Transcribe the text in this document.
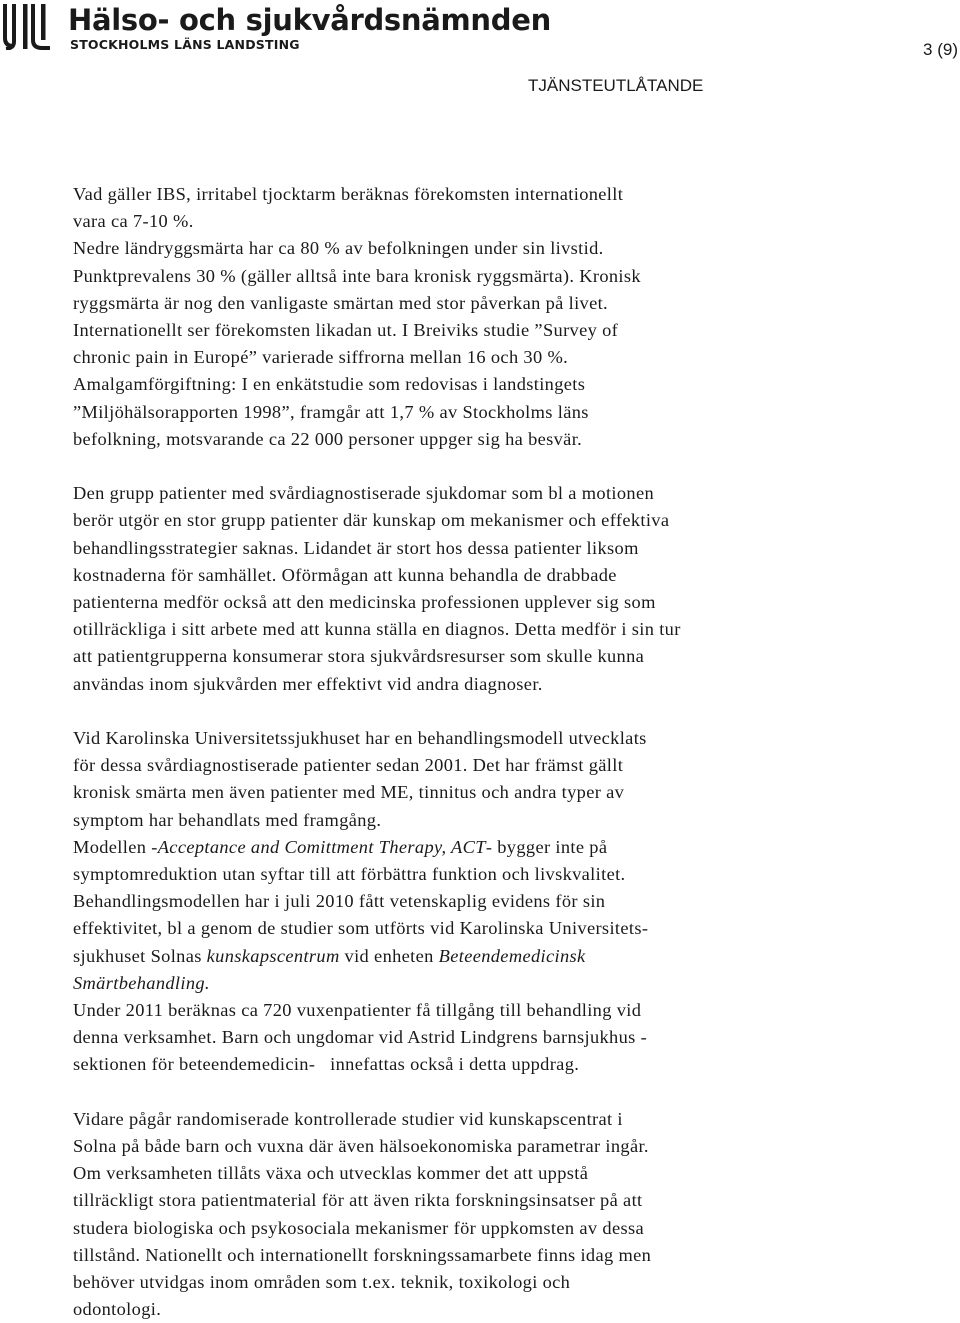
Hälso- och sjukvårdsnämnden
STOCKHOLMS LÄNS LANDSTING	3 (9)
TJÄNSTEUTLÅTANDE
Vad gäller IBS, irritabel tjocktarm beräknas förekomsten internationellt
vara ca 7-10 %.
Nedre ländryggsmärta har ca 80 % av befolkningen under sin livstid.
Punktprevalens 30 % (gäller alltså inte bara kronisk ryggsmärta). Kronisk
ryggsmärta är nog den vanligaste smärtan med stor påverkan på livet.
Internationellt ser förekomsten likadan ut. I Breiviks studie ”Survey of
chronic pain in Europé” varierade siffrorna mellan 16 och 30 %.
Amalgamförgiftning: I en enkätstudie som redovisas i landstingets
”Miljöhälsorapporten 1998”, framgår att 1,7 % av Stockholms läns
befolkning, motsvarande ca 22 000 personer uppger sig ha besvär.
Den grupp patienter med svårdiagnostiserade sjukdomar som bl a motionen
berör utgör en stor grupp patienter där kunskap om mekanismer och effektiva
behandlingsstrategier saknas. Lidandet är stort hos dessa patienter liksom
kostnaderna för samhället. Oförmågan att kunna behandla de drabbade
patienterna medför också att den medicinska professionen upplever sig som
otillräckliga i sitt arbete med att kunna ställa en diagnos. Detta medför i sin tur
att patientgrupperna konsumerar stora sjukvårdsresurser som skulle kunna
användas inom sjukvården mer effektivt vid andra diagnoser.
Vid Karolinska Universitetssjukhuset har en behandlingsmodell utvecklats
för dessa svårdiagnostiserade patienter sedan 2001. Det har främst gällt
kronisk smärta men även patienter med ME, tinnitus och andra typer av
symptom har behandlats med framgång.
Modellen -Acceptance and Comittment Therapy, ACT- bygger inte på
symptomreduktion utan syftar till att förbättra funktion och livskvalitet.
Behandlingsmodellen har i juli 2010 fått vetenskaplig evidens för sin
effektivitet, bl a genom de studier som utförts vid Karolinska Universitets-
sjukhuset Solnas kunskapscentrum vid enheten Beteendemedicinsk
Smärtbehandling.
Under 2011 beräknas ca 720 vuxenpatienter få tillgång till behandling vid
denna verksamhet. Barn och ungdomar vid Astrid Lindgrens barnsjukhus -
sektionen för beteendemedicin-   innefattas också i detta uppdrag.
Vidare pågår randomiserade kontrollerade studier vid kunskapscentrat i
Solna på både barn och vuxna där även hälsoekonomiska parametrar ingår.
Om verksamheten tillåts växa och utvecklas kommer det att uppstå
tillräckligt stora patientmaterial för att även rikta forskningsinsatser på att
studera biologiska och psykosociala mekanismer för uppkomsten av dessa
tillstånd. Nationellt och internationellt forskningssamarbete finns idag men
behöver utvidgas inom områden som t.ex. teknik, toxikologi och
odontologi.
